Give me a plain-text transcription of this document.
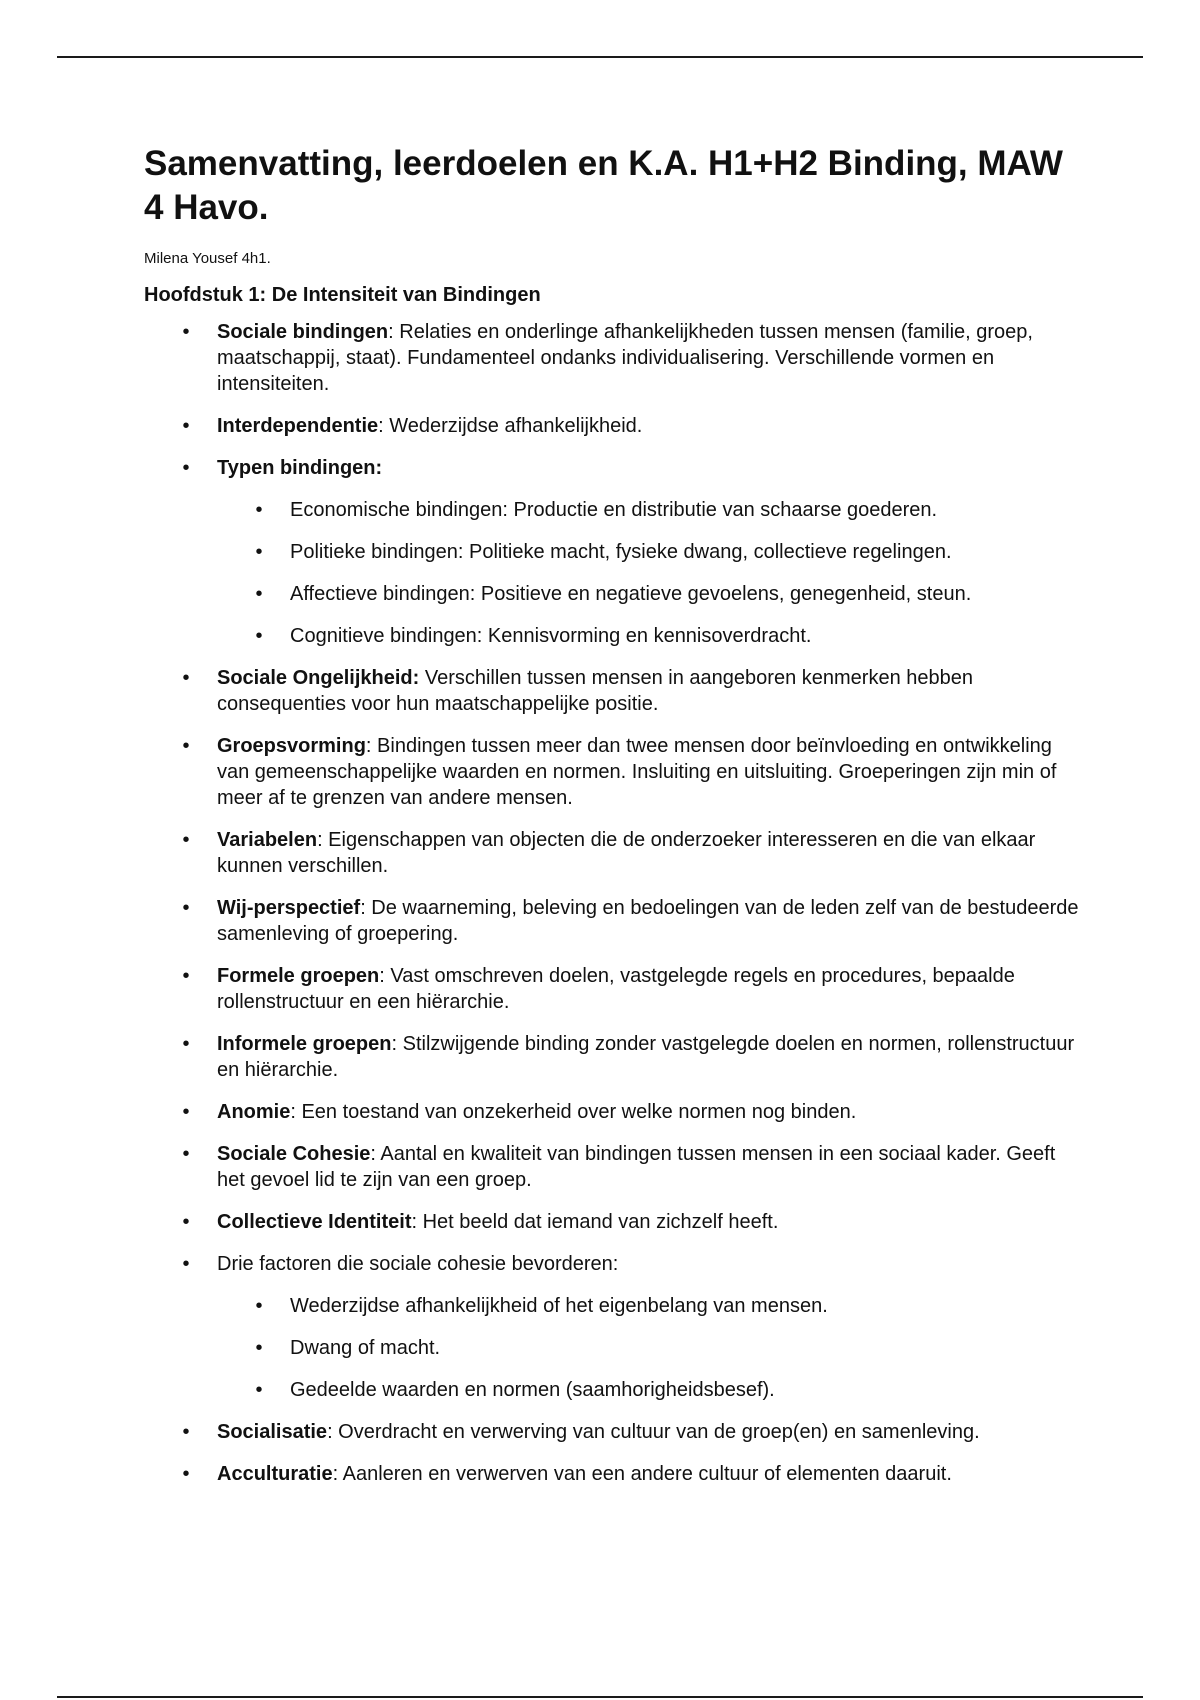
Samenvatting, leerdoelen en K.A. H1+H2 Binding, MAW 4 Havo.
Milena Yousef 4h1.
Hoofdstuk 1: De Intensiteit van Bindingen
• Sociale bindingen: Relaties en onderlinge afhankelijkheden tussen mensen (familie, groep, maatschappij, staat). Fundamenteel ondanks individualisering. Verschillende vormen en intensiteiten.
• Interdependentie: Wederzijdse afhankelijkheid.
• Typen bindingen:
• Economische bindingen: Productie en distributie van schaarse goederen.
• Politieke bindingen: Politieke macht, fysieke dwang, collectieve regelingen.
• Affectieve bindingen: Positieve en negatieve gevoelens, genegenheid, steun.
• Cognitieve bindingen: Kennisvorming en kennisoverdracht.
• Sociale Ongelijkheid: Verschillen tussen mensen in aangeboren kenmerken hebben consequenties voor hun maatschappelijke positie.
• Groepsvorming: Bindingen tussen meer dan twee mensen door beïnvloeding en ontwikkeling van gemeenschappelijke waarden en normen. Insluiting en uitsluiting. Groeperingen zijn min of meer af te grenzen van andere mensen.
• Variabelen: Eigenschappen van objecten die de onderzoeker interesseren en die van elkaar kunnen verschillen.
• Wij-perspectief: De waarneming, beleving en bedoelingen van de leden zelf van de bestudeerde samenleving of groepering.
• Formele groepen: Vast omschreven doelen, vastgelegde regels en procedures, bepaalde rollenstructuur en een hiërarchie.
• Informele groepen: Stilzwijgende binding zonder vastgelegde doelen en normen, rollenstructuur en hiërarchie.
• Anomie: Een toestand van onzekerheid over welke normen nog binden.
• Sociale Cohesie: Aantal en kwaliteit van bindingen tussen mensen in een sociaal kader. Geeft het gevoel lid te zijn van een groep.
• Collectieve Identiteit: Het beeld dat iemand van zichzelf heeft.
• Drie factoren die sociale cohesie bevorderen:
• Wederzijdse afhankelijkheid of het eigenbelang van mensen.
• Dwang of macht.
• Gedeelde waarden en normen (saamhorigheidsbesef).
• Socialisatie: Overdracht en verwerving van cultuur van de groep(en) en samenleving.
• Acculturatie: Aanleren en verwerven van een andere cultuur of elementen daaruit.
